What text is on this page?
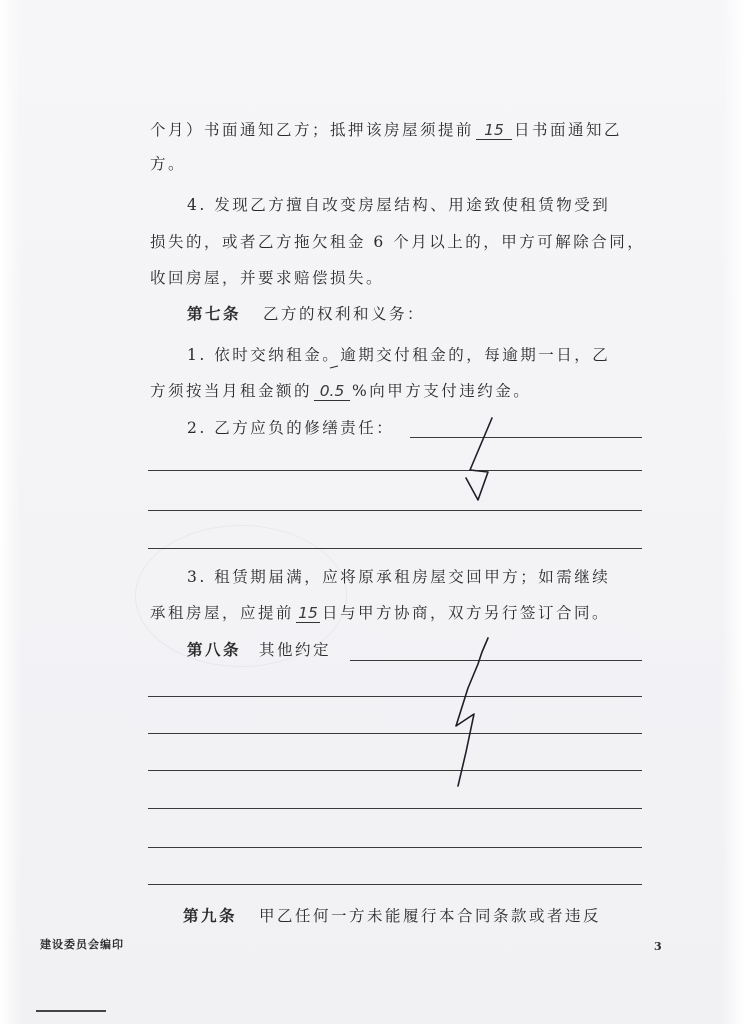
个月）书面通知乙方；抵押该房屋须提前 15 日书面通知乙
方。
4. 发现乙方擅自改变房屋结构、用途致使租赁物受到
损失的，或者乙方拖欠租金 6 个月以上的，甲方可解除合同，
收回房屋，并要求赔偿损失。
第七条 乙方的权利和义务：
1. 依时交纳租金。逾期交付租金的，每逾期一日，乙
方须按当月租金额的 0.5 %向甲方支付违约金。
2. 乙方应负的修缮责任：
3. 租赁期届满，应将原承租房屋交回甲方；如需继续
承租房屋，应提前 15 日与甲方协商，双方另行签订合同。
第八条 其他约定
第九条 甲乙任何一方未能履行本合同条款或者违反
建设委员会编印	3
